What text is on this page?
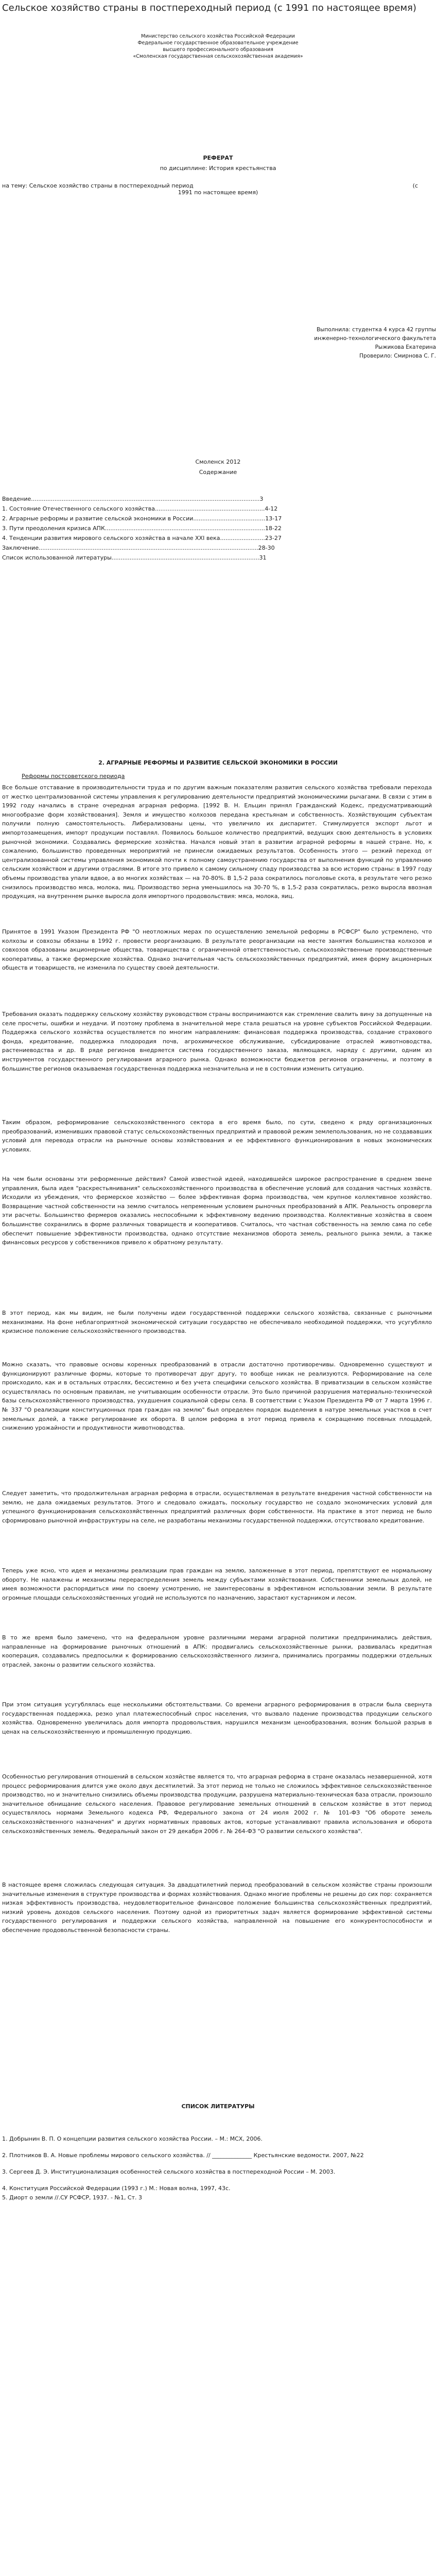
Сельское хозяйство страны в постпереходный период (с 1991 по настоящее время)
Министерство сельского хозяйства Российской Федерации
Федеральное государственное образовательное учреждение
высшего профессионального образования
«Смоленская государственная сельскохозяйственная академия»
РЕФЕРАТ
по дисциплине: История крестьянства
на тему: Сельское хозяйство страны в постпереходный период	(с
1991 по настоящее время)
Выполнила: студентка 4 курса 42 группы
инженерно-технологического факультета
Рыжикова Екатерина
Проверило: Смирнова С. Г.
Смоленск 2012
Содержание
Введение...............................................................................................................................3
1. Состояние Отечественного сельского хозяйства.............................................................4-12
2. Аграрные реформы и развитие сельской экономики в России........................................13-17
3. Пути преодоления кризиса АПК.........................................................................................18-22
4. Тенденции развития мирового сельского хозяйства в начале XXI века.........................23-27
Заключение..........................................................................................................................28-30
Список использованной литературы..................................................................................31
2. АГРАРНЫЕ РЕФОРМЫ И РАЗВИТИЕ СЕЛЬСКОЙ ЭКОНОМИКИ В РОССИИ
Реформы постсоветского периода
Все больше отставание в производительности труда и по другим важным показателям развития сельского хозяйства требовали перехода от жестко централизованной системы управления к регулированию деятельности предприятий экономическими рычагами. В связи с этим в 1992 году начались в стране очередная аграрная реформа. [1992 В. Н. Ельцин принял Гражданский Кодекс, предусматривающий многообразие форм хозяйствования]. Земля и имущество колхозов передана крестьянам и собственность. Хозяйствующим субъектам получили полную самостоятельность. Либерализованы цены, что увеличило их диспаритет. Стимулируется экспорт льгот и импортозамещения, импорт продукции поставлял. Появилось большое количество предприятий, ведущих свою деятельность в условиях рыночной экономики. Создавались фермерские хозяйства. Начался новый этап в развитии аграрной реформы в нашей стране. Но, к сожалению, большинство проведенных мероприятий не принесли ожидаемых результатов. Особенность этого — резкий переход от централизованной системы управления экономикой почти к полному самоустранению государства от выполнения функций по управлению сельским хозяйством и другими отраслями. В итоге это привело к самому сильному спаду производства за всю историю страны: в 1997 году объемы производства упали вдвое, а во многих хозяйствах — на 70-80%. В 1,5-2 раза сократилось поголовье скота, в результате чего резко снизилось производство мяса, молока, яиц. Производство зерна уменьшилось на 30-70 %, в 1,5-2 раза сократилась, резко выросла ввозная продукция, на внутреннем рынке выросла доля импортного продовольствия: мяса, молока, яиц.
Принятое в 1991 Указом Президента РФ "О неотложных мерах по осуществлению земельной реформы в РСФСР" было устремлено, что колхозы и совхозы обязаны в 1992 г. провести реорганизацию. В результате реорганизации на месте занятия большинства колхозов и совхозов образованы акционерные общества, товарищества с ограниченной ответственностью, сельскохозяйственные производственные кооперативы, а также фермерские хозяйства. Однако значительная часть сельскохозяйственных предприятий, имея форму акционерных обществ и товариществ, не изменила по существу своей деятельности.
Требования оказать поддержку сельскому хозяйству руководством страны воспринимаются как стремление свалить вину за допущенные на селе просчеты, ошибки и неудачи. И поэтому проблема в значительной мере стала решаться на уровне субъектов Российской Федерации. Поддержка сельского хозяйства осуществляется по многим направлениям: финансовая поддержка производства, создание страхового фонда, кредитование, поддержка плодородия почв, агрохимическое обслуживание, субсидирование отраслей животноводства, растениеводства и др. В ряде регионов внедряется система государственного заказа, являющаяся, наряду с другими, одним из инструментов государственного регулирования аграрного рынка. Однако возможности бюджетов регионов ограничены, и поэтому в большинстве регионов оказываемая государственная поддержка незначительна и не в состоянии изменить ситуацию.
Таким образом, реформирование сельскохозяйственного сектора в его время было, по сути, сведено к ряду организационных преобразований, изменивших правовой статус сельскохозяйственных предприятий и правовой режим землепользования, но не создававших условий для перевода отрасли на рыночные основы хозяйствования и ее эффективного функционирования в новых экономических условиях.
На чем были основаны эти реформенные действия? Самой известной идеей, находившейся широкое распространение в среднем звене управления, была идея "раскрестьянивания" сельскохозяйственного производства в обеспечение условий для создания частных хозяйств. Исходили из убеждения, что фермерское хозяйство — более эффективная форма производства, чем крупное коллективное хозяйство. Возвращение частной собственности на землю считалось непременным условием рыночных преобразований в АПК. Реальность опровергла эти расчеты. Большинство фермеров оказались неспособными к эффективному ведению производства. Коллективные хозяйства в своем большинстве сохранились в форме различных товариществ и кооперативов. Считалось, что частная собственность на землю сама по себе обеспечит повышение эффективности производства, однако отсутствие механизмов оборота земель, реального рынка земли, а также финансовых ресурсов у собственников привело к обратному результату.
В этот период, как мы видим, не были получены идеи государственной поддержки сельского хозяйства, связанные с рыночными механизмами. На фоне неблагоприятной экономической ситуации государство не обеспечивало необходимой поддержки, что усугубляло кризисное положение сельскохозяйственного производства.
Можно сказать, что правовые основы коренных преобразований в отрасли достаточно противоречивы. Одновременно существуют и функционируют различные формы, которые то противоречат друг другу, то вообще никак не реализуются. Реформирование на селе происходило, как и в остальных отраслях, бессистемно и без учета специфики сельского хозяйства. В приватизации в сельском хозяйстве осуществлялась по основным правилам, не учитывающим особенности отрасли. Это было причиной разрушения материально-технической базы сельскохозяйственного производства, ухудшения социальной сферы села. В соответствии с Указом Президента РФ от 7 марта 1996 г. № 337 "О реализации конституционных прав граждан на землю" был определен порядок выделения в натуре земельных участков в счет земельных долей, а также регулирование их оборота. В целом реформа в этот период привела к сокращению посевных площадей, снижению урожайности и продуктивности животноводства.
Следует заметить, что продолжительная аграрная реформа в отрасли, осуществляемая в результате внедрения частной собственности на землю, не дала ожидаемых результатов. Этого и следовало ожидать, поскольку государство не создало экономических условий для успешного функционирования сельскохозяйственных предприятий различных форм собственности. На практике в этот период не было сформировано рыночной инфраструктуры на селе, не разработаны механизмы государственной поддержки, отсутствовало кредитование.
Теперь уже ясно, что идея и механизмы реализации прав граждан на землю, заложенные в этот период, препятствуют ее нормальному обороту. Не налажены и механизмы перераспределения земель между субъектами хозяйствования. Собственники земельных долей, не имея возможности распорядиться ими по своему усмотрению, не заинтересованы в эффективном использовании земли. В результате огромные площади сельскохозяйственных угодий не используются по назначению, зарастают кустарником и лесом.
В то же время было замечено, что на федеральном уровне различными мерами аграрной политики предпринимались действия, направленные на формирование рыночных отношений в АПК: продвигались сельскохозяйственные рынки, развивалась кредитная кооперация, создавались предпосылки к формированию сельскохозяйственного лизинга, принимались программы поддержки отдельных отраслей, законы о развитии сельского хозяйства.
При этом ситуация усугублялась еще несколькими обстоятельствами. Со времени аграрного реформирования в отрасли была свернута государственная поддержка, резко упал платежеспособный спрос населения, что вызвало падение производства продукции сельского хозяйства. Одновременно увеличилась доля импорта продовольствия, нарушился механизм ценообразования, возник большой разрыв в ценах на сельскохозяйственную и промышленную продукцию.
Особенностью регулирования отношений в сельском хозяйстве является то, что аграрная реформа в стране оказалась незавершенной, хотя процесс реформирования длится уже около двух десятилетий. За этот период не только не сложилось эффективное сельскохозяйственное производство, но и значительно снизились объемы производства продукции, разрушена материально-техническая база отрасли, произошло значительное обнищание сельского населения. Правовое регулирование земельных отношений в сельском хозяйстве в этот период осуществлялось нормами Земельного кодекса РФ, Федерального закона от 24 июля 2002 г. № 101-ФЗ "Об обороте земель сельскохозяйственного назначения" и других нормативных правовых актов, которые устанавливают правила использования и оборота сельскохозяйственных земель. Федеральный закон от 29 декабря 2006 г. № 264-ФЗ "О развитии сельского хозяйства".
В настоящее время сложилась следующая ситуация. За двадцатилетний период преобразований в сельском хозяйстве страны произошли значительные изменения в структуре производства и формах хозяйствования. Однако многие проблемы не решены до сих пор: сохраняется низкая эффективность производства, неудовлетворительное финансовое положение большинства сельскохозяйственных предприятий, низкий уровень доходов сельского населения. Поэтому одной из приоритетных задач является формирование эффективной системы государственного регулирования и поддержки сельского хозяйства, направленной на повышение его конкурентоспособности и обеспечение продовольственной безопасности страны.
СПИСОК ЛИТЕРАТУРЫ
1. Добрынин В. П. О концепции развития сельского хозяйства России. – М.: МСХ, 2006.
2. Плотников В. А. Новые проблемы мирового сельского хозяйства. // ______________ Крестьянские ведомости. 2007, №22
3. Сергеев Д. Э. Институционализация особенностей сельского хозяйства в постпереходной России – М. 2003.
4. Конституция Российской Федерации (1993 г.) М.: Новая волна, 1997, 43с.
5. Диорт о земли //.СУ РСФСР, 1937. - №1, Ст. 3
